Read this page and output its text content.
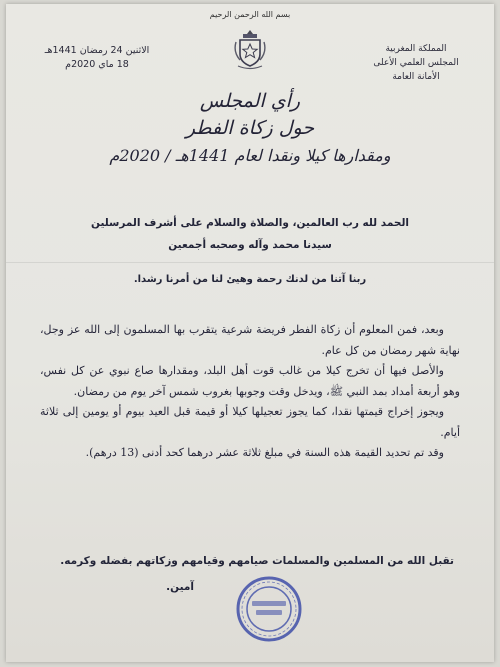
بسم الله الرحمن الرحيم
المملكة المغربية
المجلس العلمي الأعلى
الأمانة العامة
الاثنين 24 رمضان 1441هـ
18 ماي 2020م
رأي المجلس
حول زكاة الفطر
ومقدارها كيلا ونقدا لعام 1441هـ / 2020م
الحمد لله رب العالمين، والصلاة والسلام على أشرف المرسلين
سيدنا محمد وآله وصحبه أجمعين
ربنا آتنا من لدنك رحمة وهيئ لنا من أمرنا رشدا.

وبعد، فمن المعلوم أن زكاة الفطر فريضة شرعية يتقرب بها المسلمون إلى الله عز وجل، نهاية شهر رمضان من كل عام.

والأصل فيها أن تخرج كيلا من غالب قوت أهل البلد، ومقدارها صاع نبوي عن كل نفس، وهو أربعة أمداد بمد النبي ﷺ، ويدخل وقت وجوبها بغروب شمس آخر يوم من رمضان.

ويجوز إخراج قيمتها نقدا، كما يجوز تعجيلها كيلا أو قيمة قبل العيد بيوم أو يومين إلى ثلاثة أيام.

وقد تم تحديد القيمة هذه السنة في مبلغ ثلاثة عشر درهما كحد أدنى (13 درهم).

تقبل الله من المسلمين والمسلمات صيامهم وقيامهم وزكاتهم بفضله وكرمه.
آمين.
